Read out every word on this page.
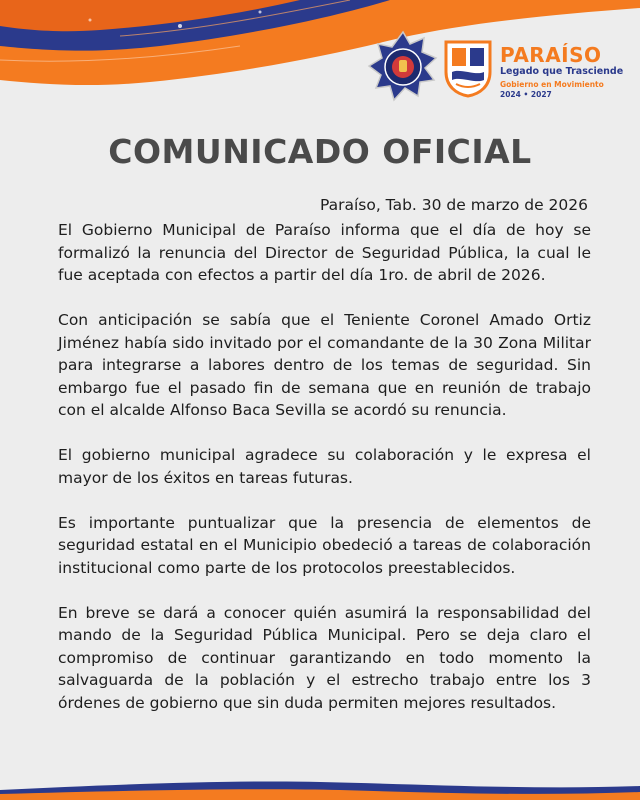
PARAÍSO
Legado que Trasciende
Gobierno en Movimiento
2024 • 2027
COMUNICADO OFICIAL
Paraíso, Tab. 30 de marzo de 2026

El Gobierno Municipal de Paraíso informa que el día de hoy se formalizó la renuncia del Director de Seguridad Pública, la cual le fue aceptada con efectos a partir del día 1ro. de abril de 2026.

Con anticipación se sabía que el Teniente Coronel Amado Ortiz Jiménez había sido invitado por el comandante de la 30 Zona Militar para integrarse a labores dentro de los temas de seguridad. Sin embargo fue el pasado fin de semana que en reunión de trabajo con el alcalde Alfonso Baca Sevilla se acordó su renuncia.

El gobierno municipal agradece su colaboración y le expresa el mayor de los éxitos en tareas futuras.

Es importante puntualizar que la presencia de elementos de seguridad estatal en el Municipio obedeció a tareas de colaboración institucional como parte de los protocolos preestablecidos.

En breve se dará a conocer quién asumirá la responsabilidad del mando de la Seguridad Pública Municipal. Pero se deja claro el compromiso de continuar garantizando en todo momento la salvaguarda de la población y el estrecho trabajo entre los 3 órdenes de gobierno que sin duda permiten mejores resultados.
